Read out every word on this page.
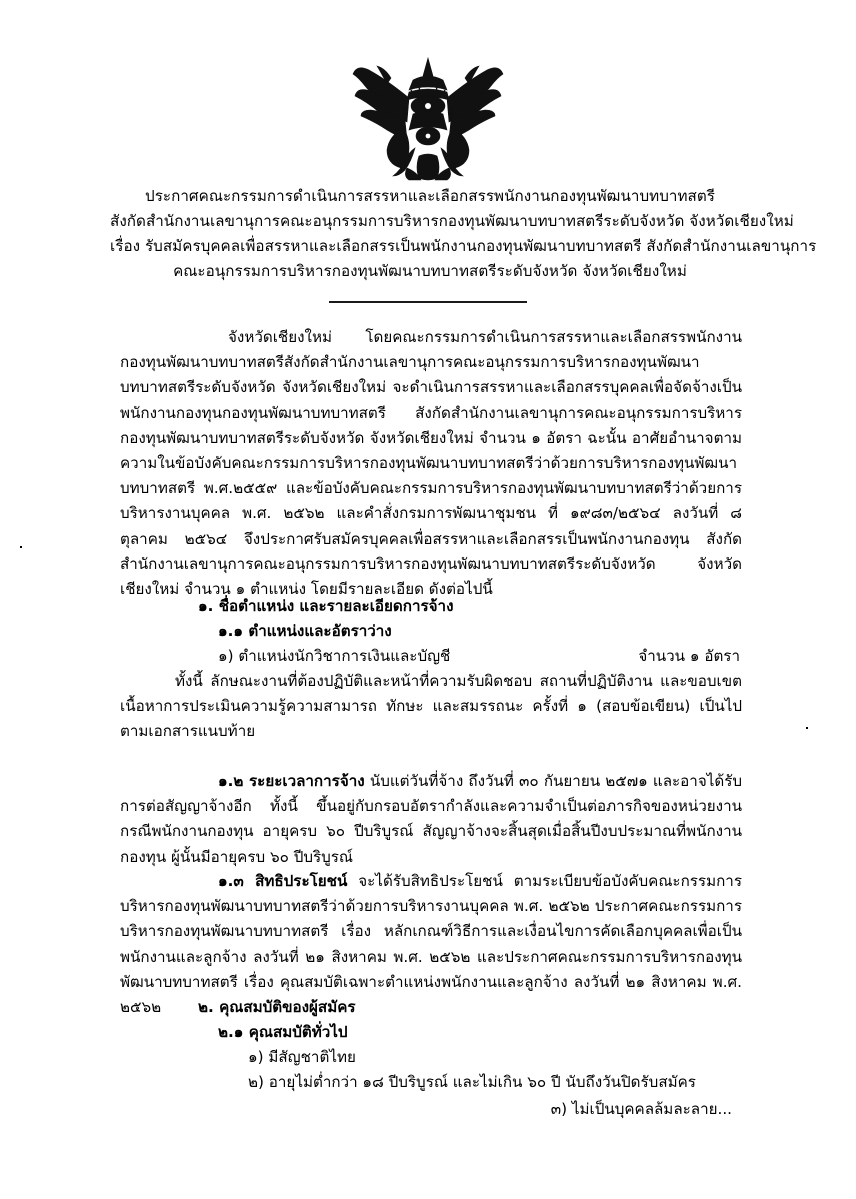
ประกาศคณะกรรมการดำเนินการสรรหาและเลือกสรรพนักงานกองทุนพัฒนาบทบาทสตรี
สังกัดสำนักงานเลขานุการคณะอนุกรรมการบริหารกองทุนพัฒนาบทบาทสตรีระดับจังหวัด จังหวัดเชียงใหม่
เรื่อง รับสมัครบุคคลเพื่อสรรหาและเลือกสรรเป็นพนักงานกองทุนพัฒนาบทบาทสตรี สังกัดสำนักงานเลขานุการ
คณะอนุกรรมการบริหารกองทุนพัฒนาบทบาทสตรีระดับจังหวัด จังหวัดเชียงใหม่
จังหวัดเชียงใหม่ โดยคณะกรรมการดำเนินการสรรหาและเลือกสรรพนักงานกองทุนพัฒนาบทบาทสตรีสังกัดสำนักงานเลขานุการคณะอนุกรรมการบริหารกองทุนพัฒนาบทบาทสตรีระดับจังหวัด จังหวัดเชียงใหม่ จะดำเนินการสรรหาและเลือกสรรบุคคลเพื่อจัดจ้างเป็นพนักงานกองทุนกองทุนพัฒนาบทบาทสตรี สังกัดสำนักงานเลขานุการคณะอนุกรรมการบริหารกองทุนพัฒนาบทบาทสตรีระดับจังหวัด จังหวัดเชียงใหม่ จำนวน ๑ อัตรา ฉะนั้น อาศัยอำนาจตามความในข้อบังคับคณะกรรมการบริหารกองทุนพัฒนาบทบาทสตรีว่าด้วยการบริหารกองทุนพัฒนาบทบาทสตรี พ.ศ.๒๕๕๙ และข้อบังคับคณะกรรมการบริหารกองทุนพัฒนาบทบาทสตรีว่าด้วยการบริหารงานบุคคล พ.ศ. ๒๕๖๒ และคำสั่งกรมการพัฒนาชุมชน ที่ ๑๙๘๓/๒๕๖๔ ลงวันที่ ๘ ตุลาคม ๒๕๖๔ จึงประกาศรับสมัครบุคคลเพื่อสรรหาและเลือกสรรเป็นพนักงานกองทุน สังกัดสำนักงานเลขานุการคณะอนุกรรมการบริหารกองทุนพัฒนาบทบาทสตรีระดับจังหวัด จังหวัดเชียงใหม่ จำนวน ๑ ตำแหน่ง โดยมีรายละเอียด ดังต่อไปนี้
๑. ชื่อตำแหน่ง และรายละเอียดการจ้าง
๑.๑ ตำแหน่งและอัตราว่าง
๑) ตำแหน่งนักวิชาการเงินและบัญชี	จำนวน ๑ อัตรา
ทั้งนี้ ลักษณะงานที่ต้องปฏิบัติและหน้าที่ความรับผิดชอบ สถานที่ปฏิบัติงาน และขอบเขตเนื้อหาการประเมินความรู้ความสามารถ ทักษะ และสมรรถนะ ครั้งที่ ๑ (สอบข้อเขียน) เป็นไปตามเอกสารแนบท้าย
๑.๒ ระยะเวลาการจ้าง นับแต่วันที่จ้าง ถึงวันที่ ๓๐ กันยายน ๒๕๗๑ และอาจได้รับการต่อสัญญาจ้างอีก ทั้งนี้ ขึ้นอยู่กับกรอบอัตรากำลังและความจำเป็นต่อภารกิจของหน่วยงาน กรณีพนักงานกองทุน อายุครบ ๖๐ ปีบริบูรณ์ สัญญาจ้างจะสิ้นสุดเมื่อสิ้นปีงบประมาณที่พนักงานกองทุน ผู้นั้นมีอายุครบ ๖๐ ปีบริบูรณ์
๑.๓ สิทธิประโยชน์ จะได้รับสิทธิประโยชน์ ตามระเบียบข้อบังคับคณะกรรมการบริหารกองทุนพัฒนาบทบาทสตรีว่าด้วยการบริหารงานบุคคล พ.ศ. ๒๕๖๒ ประกาศคณะกรรมการบริหารกองทุนพัฒนาบทบาทสตรี เรื่อง หลักเกณฑ์วิธีการและเงื่อนไขการคัดเลือกบุคคลเพื่อเป็นพนักงานและลูกจ้าง ลงวันที่ ๒๑ สิงหาคม พ.ศ. ๒๕๖๒ และประกาศคณะกรรมการบริหารกองทุนพัฒนาบทบาทสตรี เรื่อง คุณสมบัติเฉพาะตำแหน่งพนักงานและลูกจ้าง ลงวันที่ ๒๑ สิงหาคม พ.ศ. ๒๕๖๒	๒. คุณสมบัติของผู้สมัคร
๒.๑ คุณสมบัติทั่วไป
๑) มีสัญชาติไทย
๒) อายุไม่ต่ำกว่า ๑๘ ปีบริบูรณ์ และไม่เกิน ๖๐ ปี นับถึงวันปิดรับสมัคร
๓) ไม่เป็นบุคคลล้มละลาย...
